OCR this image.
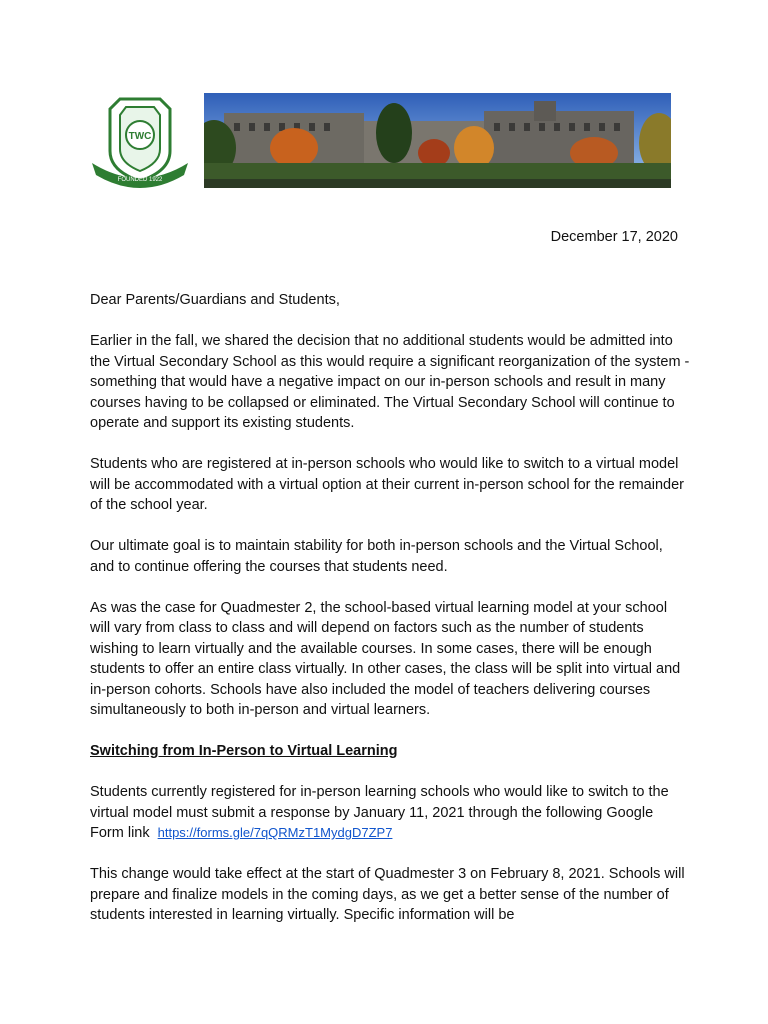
TWC
FOUNDED 1922
December 17, 2020

Dear Parents/Guardians and Students,

Earlier in the fall, we shared the decision that no additional students would be admitted into the Virtual Secondary School as this would require a significant reorganization of the system - something that would have a negative impact on our in-person schools and result in many courses having to be collapsed or eliminated. The Virtual Secondary School will continue to operate and support its existing students.

Students who are registered at in-person schools who would like to switch to a virtual model will be accommodated with a virtual option at their current in-person school for the remainder of the school year.

Our ultimate goal is to maintain stability for both in-person schools and the Virtual School, and to continue offering the courses that students need.

As was the case for Quadmester 2, the school-based virtual learning model at your school will vary from class to class and will depend on factors such as the number of students wishing to learn virtually and the available courses. In some cases, there will be enough students to offer an entire class virtually. In other cases, the class will be split into virtual and in-person cohorts. Schools have also included the model of teachers delivering courses simultaneously to both in-person and virtual learners.

Switching from In-Person to Virtual Learning

Students currently registered for in-person learning schools who would like to switch to the virtual model must submit a response by January 11, 2021 through the following Google Form link https://forms.gle/7qQRMzT1MydgD7ZP7

This change would take effect at the start of Quadmester 3 on February 8, 2021. Schools will prepare and finalize models in the coming days, as we get a better sense of the number of students interested in learning virtually. Specific information will be
